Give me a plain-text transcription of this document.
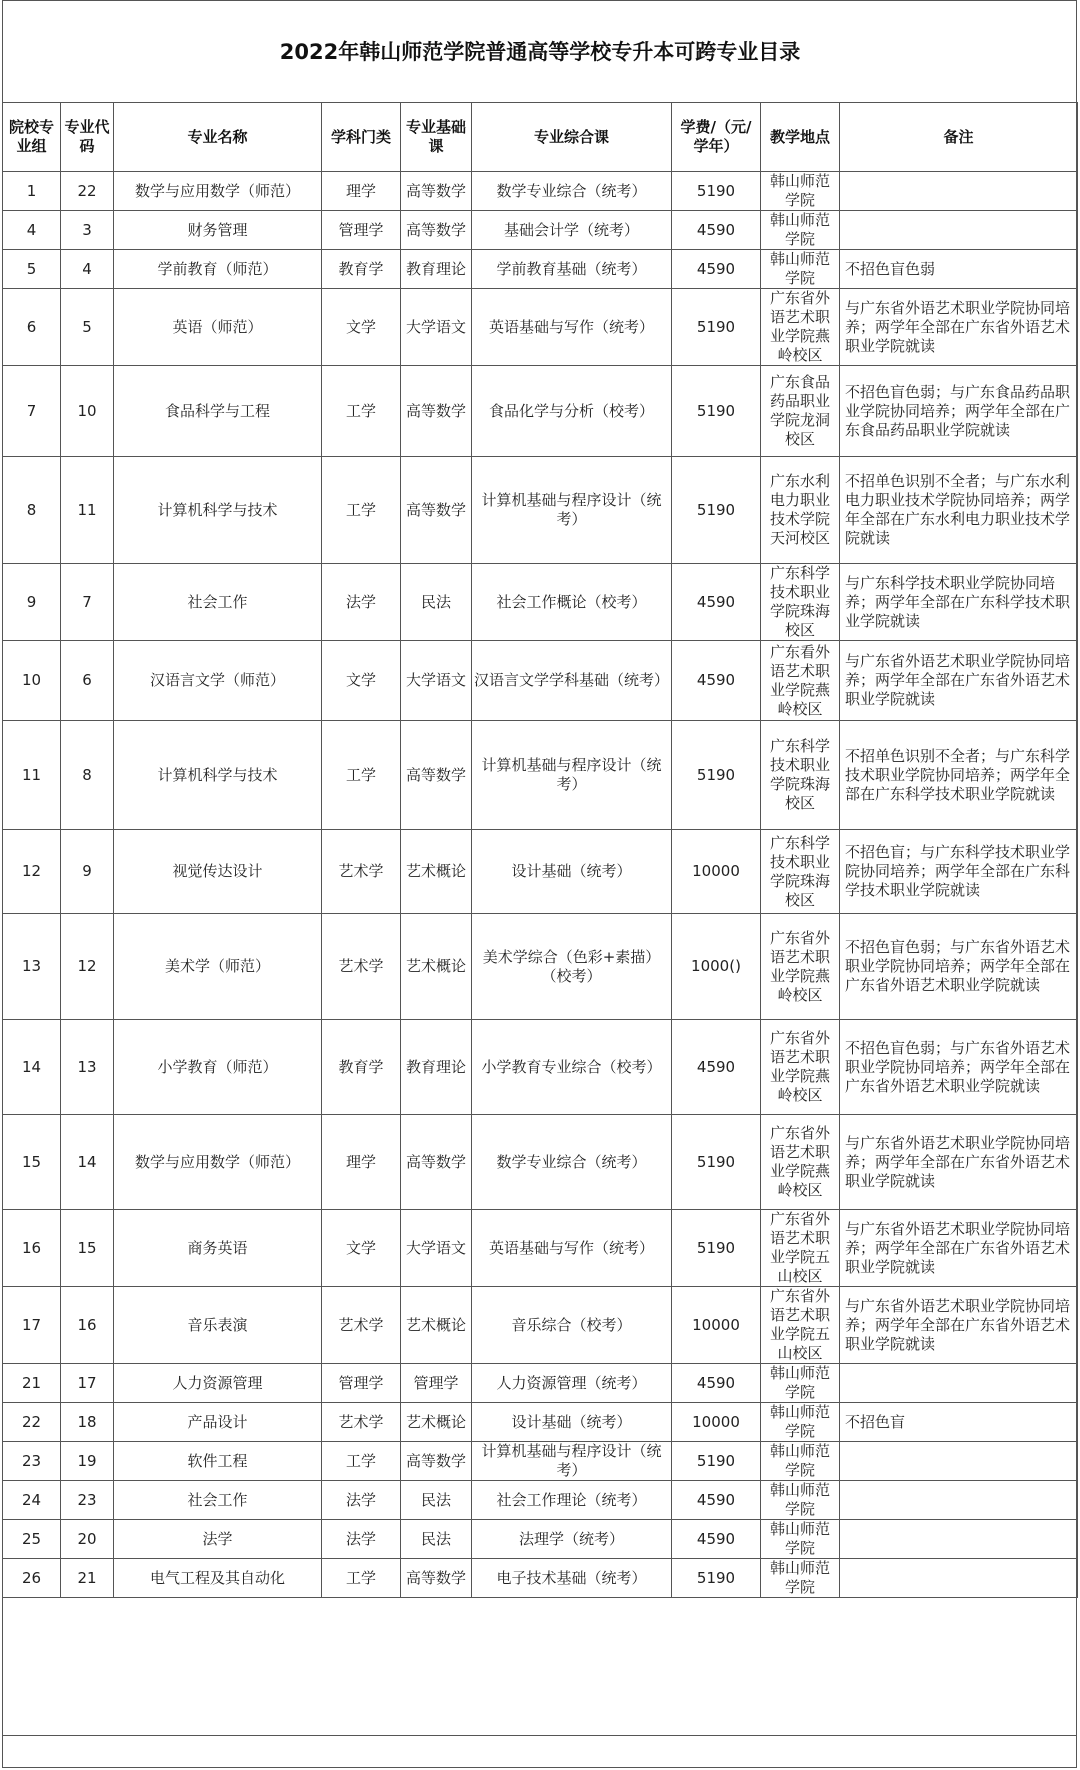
2022年韩山师范学院普通高等学校专升本可跨专业目录
院校专业组	专业代码	专业名称	学科门类	专业基础课	专业综合课	学费/（元/学年）	教学地点	备注
1	22	数学与应用数学（师范）	理学	高等数学	数学专业综合（统考）	5190	韩山师范学院	
4	3	财务管理	管理学	高等数学	基础会计学（统考）	4590	韩山师范学院	
5	4	学前教育（师范）	教育学	教育理论	学前教育基础（统考）	4590	韩山师范学院	不招色盲色弱
6	5	英语（师范）	文学	大学语文	英语基础与写作（统考）	5190	广东省外语艺术职业学院燕岭校区	与广东省外语艺术职业学院协同培养；两学年全部在广东省外语艺术职业学院就读
7	10	食品科学与工程	工学	高等数学	食品化学与分析（校考）	5190	广东食品药品职业学院龙洞校区	不招色盲色弱；与广东食品药品职业学院协同培养；两学年全部在广东食品药品职业学院就读
8	11	计算机科学与技术	工学	高等数学	计算机基础与程序设计（统考）	5190	广东水利电力职业技术学院天河校区	不招单色识别不全者；与广东水利电力职业技术学院协同培养；两学年全部在广东水利电力职业技术学院就读
9	7	社会工作	法学	民法	社会工作概论（校考）	4590	广东科学技术职业学院珠海校区	与广东科学技术职业学院协同培养；两学年全部在广东科学技术职业学院就读
10	6	汉语言文学（师范）	文学	大学语文	汉语言文学学科基础（统考）	4590	广东看外语艺术职业学院燕岭校区	与广东省外语艺术职业学院协同培养；两学年全部在广东省外语艺术职业学院就读
11	8	计算机科学与技术	工学	高等数学	计算机基础与程序设计（统考）	5190	广东科学技术职业学院珠海校区	不招单色识别不全者；与广东科学技术职业学院协同培养；两学年全部在广东科学技术职业学院就读
12	9	视觉传达设计	艺术学	艺术概论	设计基础（统考）	10000	广东科学技术职业学院珠海校区	不招色盲；与广东科学技术职业学院协同培养；两学年全部在广东科学技术职业学院就读
13	12	美术学（师范）	艺术学	艺术概论	美术学综合（色彩+素描）（校考）	1000()	广东省外语艺术职业学院燕岭校区	不招色盲色弱；与广东省外语艺术职业学院协同培养；两学年全部在广东省外语艺术职业学院就读
14	13	小学教育（师范）	教育学	教育理论	小学教育专业综合（校考）	4590	广东省外语艺术职业学院燕岭校区	不招色盲色弱；与广东省外语艺术职业学院协同培养；两学年全部在广东省外语艺术职业学院就读
15	14	数学与应用数学（师范）	理学	高等数学	数学专业综合（统考）	5190	广东省外语艺术职业学院燕岭校区	与广东省外语艺术职业学院协同培养；两学年全部在广东省外语艺术职业学院就读
16	15	商务英语	文学	大学语文	英语基础与写作（统考）	5190	广东省外语艺术职业学院五山校区	与广东省外语艺术职业学院协同培养；两学年全部在广东省外语艺术职业学院就读
17	16	音乐表演	艺术学	艺术概论	音乐综合（校考）	10000	广东省外语艺术职业学院五山校区	与广东省外语艺术职业学院协同培养；两学年全部在广东省外语艺术职业学院就读
21	17	人力资源管理	管理学	管理学	人力资源管理（统考）	4590	韩山师范学院	
22	18	产品设计	艺术学	艺术概论	设计基础（统考）	10000	韩山师范学院	不招色盲
23	19	软件工程	工学	高等数学	计算机基础与程序设计（统考）	5190	韩山师范学院	
24	23	社会工作	法学	民法	社会工作理论（统考）	4590	韩山师范学院	
25	20	法学	法学	民法	法理学（统考）	4590	韩山师范学院	
26	21	电气工程及其自动化	工学	高等数学	电子技术基础（统考）	5190	韩山师范学院	
